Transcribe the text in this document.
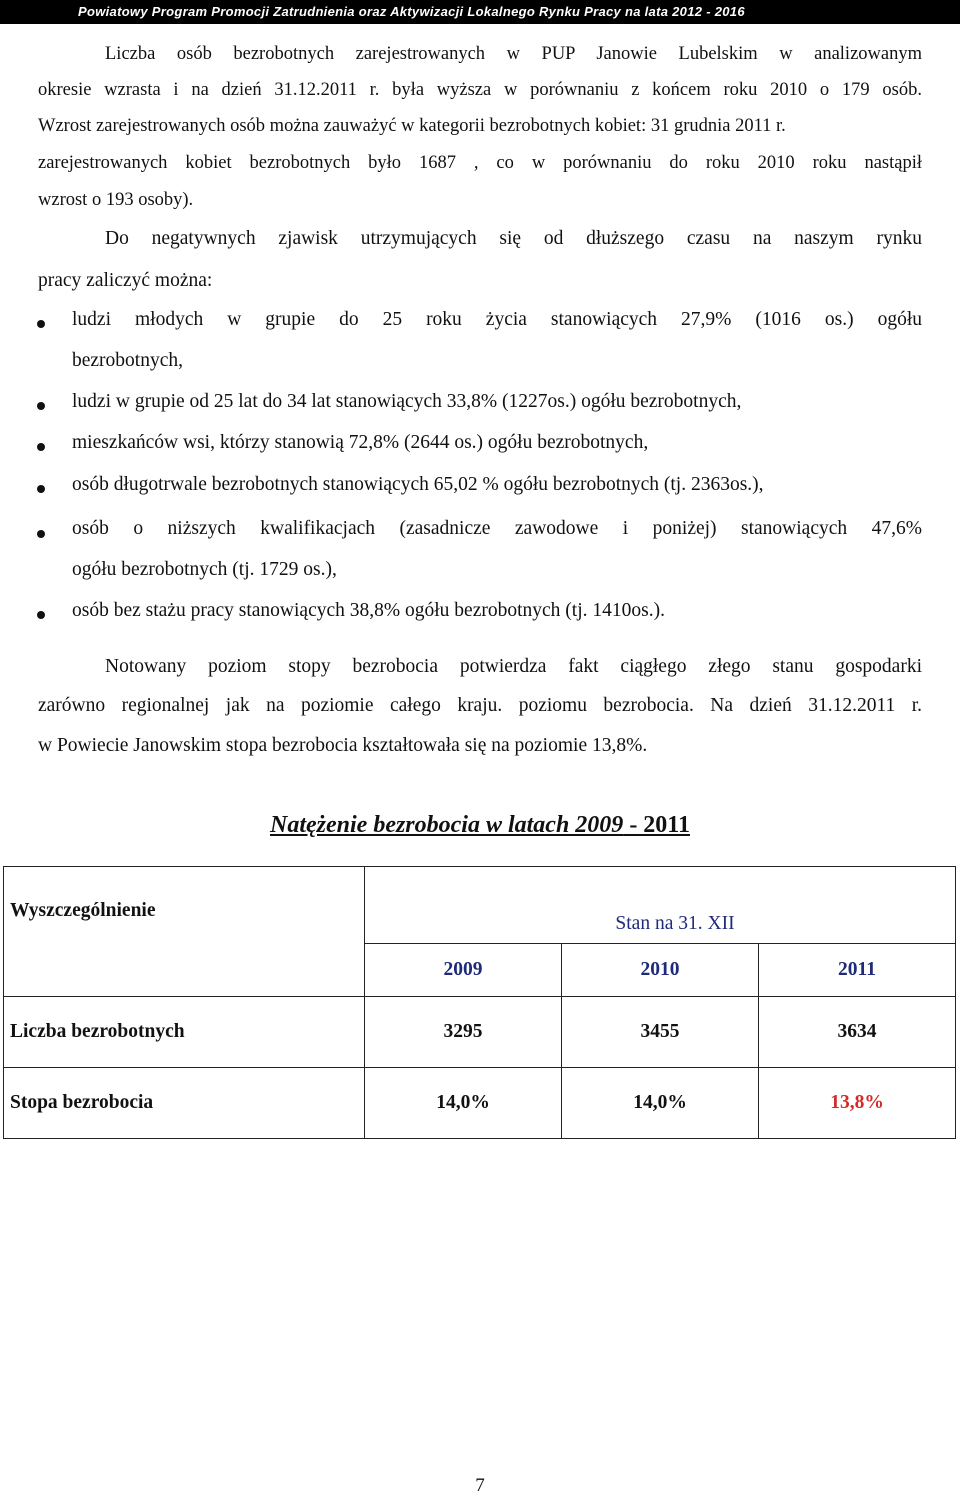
Powiatowy Program Promocji Zatrudnienia oraz Aktywizacji Lokalnego Rynku Pracy na lata 2012 - 2016
Liczba osób bezrobotnych zarejestrowanych w PUP Janowie Lubelskim w analizowanym
okresie wzrasta i na dzień 31.12.2011 r. była wyższa w porównaniu z końcem roku 2010 o 179 osób.
Wzrost zarejestrowanych osób można zauważyć w kategorii bezrobotnych kobiet: 31 grudnia 2011 r.
zarejestrowanych kobiet bezrobotnych było 1687 , co w porównaniu do roku 2010 roku nastąpił
wzrost o 193 osoby).
Do negatywnych zjawisk utrzymujących się od dłuższego czasu na naszym rynku
pracy zaliczyć można:
ludzi młodych w grupie do 25 roku życia stanowiących 27,9% (1016 os.) ogółu
bezrobotnych,
ludzi w grupie od 25 lat do 34 lat stanowiących 33,8% (1227os.) ogółu bezrobotnych,
mieszkańców wsi, którzy stanowią 72,8% (2644 os.) ogółu bezrobotnych,
osób długotrwale bezrobotnych stanowiących 65,02 % ogółu bezrobotnych (tj. 2363os.),
osób o niższych kwalifikacjach (zasadnicze zawodowe i poniżej) stanowiących 47,6%
ogółu bezrobotnych (tj. 1729 os.),
osób bez stażu pracy stanowiących 38,8% ogółu bezrobotnych (tj. 1410os.).
Notowany poziom stopy bezrobocia potwierdza fakt ciągłego złego stanu gospodarki
zarówno regionalnej jak na poziomie całego kraju. poziomu bezrobocia. Na dzień 31.12.2011 r.
w Powiecie Janowskim stopa bezrobocia kształtowała się na poziomie 13,8%.
Natężenie bezrobocia w latach 2009 - 2011
Wyszczególnienie	Stan na 31. XII		

	2009	2010	2011
Liczba bezrobotnych	3295	3455	3634
Stopa bezrobocia	14,0%	14,0%	13,8%
7
